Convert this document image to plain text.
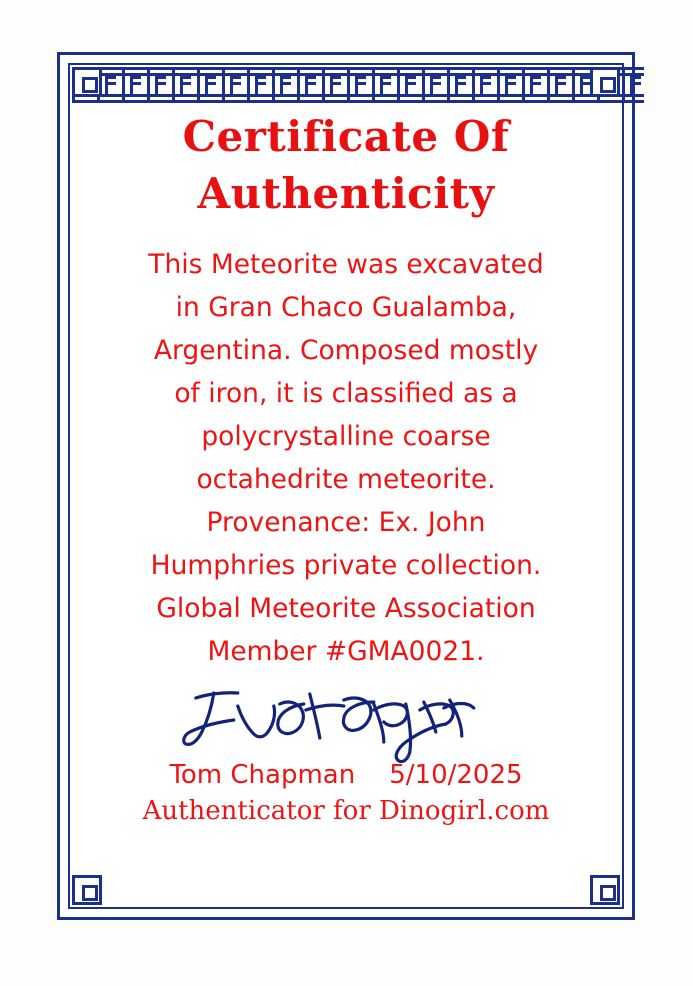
Certificate Of
Authenticity

This Meteorite was excavated

in Gran Chaco Gualamba,

Argentina. Composed mostly

of iron, it is classified as a

polycrystalline coarse

octahedrite meteorite.

Provenance: Ex. John

Humphries private collection.

Global Meteorite Association

Member #GMA0021.

Tom Chapman 5/10/2025
Authenticator for Dinogirl.com
